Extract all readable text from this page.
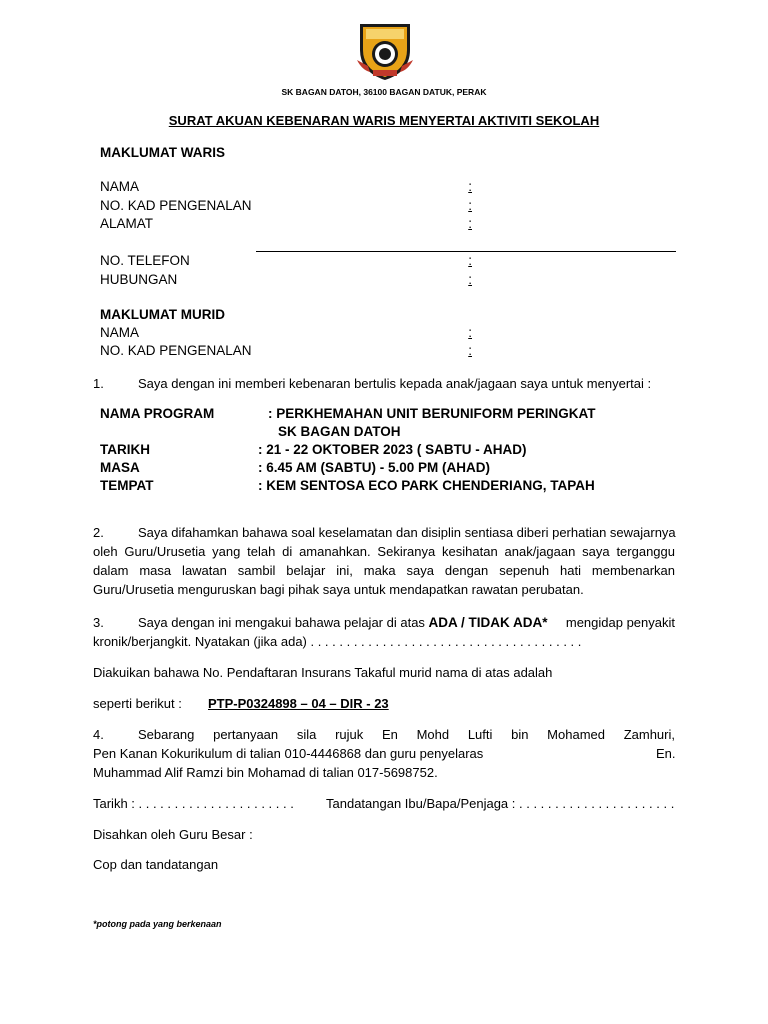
SK BAGAN DATOH, 36100 BAGAN DATUK, PERAK
SURAT AKUAN KEBENARAN WARIS MENYERTAI AKTIVITI SEKOLAH
MAKLUMAT WARIS
NAMA	:
NO. KAD PENGENALAN	:
ALAMAT	:
NO. TELEFON	:
HUBUNGAN	:
MAKLUMAT MURID
NAMA	:
NO. KAD PENGENALAN	:
1.	Saya dengan ini memberi kebenaran bertulis kepada anak/jagaan saya untuk menyertai :
NAMA PROGRAM	: PERKHEMAHAN UNIT BERUNIFORM PERINGKAT
SK BAGAN DATOH
TARIKH	: 21 - 22 OKTOBER 2023 ( SABTU - AHAD)
MASA	: 6.45 AM (SABTU) - 5.00 PM (AHAD)
TEMPAT	: KEM SENTOSA ECO PARK CHENDERIANG, TAPAH
2.	Saya difahamkan bahawa soal keselamatan dan disiplin sentiasa diberi perhatian sewajarnya
oleh Guru/Urusetia yang telah di amanahkan. Sekiranya kesihatan anak/jagaan saya terganggu
dalam masa lawatan sambil belajar ini, maka saya dengan sepenuh hati membenarkan
Guru/Urusetia menguruskan bagi pihak saya untuk mendapatkan rawatan perubatan.
3.	Saya dengan ini mengakui bahawa pelajar di atas ADA / TIDAK ADA* mengidap penyakit
kronik/berjangkit. Nyatakan (jika ada) . . . . . . . . . . . . . . . . . . . . . . . . . . . . . . . . . . . . . .
Diakuikan bahawa No. Pendaftaran Insurans Takaful murid nama di atas adalah
seperti berikut : PTP-P0324898 – 04 – DIR - 23
4.	Sebarang pertanyaan sila rujuk En Mohd Lufti bin Mohamed Zamhuri,
Pen Kanan Kokurikulum di talian 010-4446868 dan guru penyelaras	En.
Muhammad Alif Ramzi bin Mohamad di talian 017-5698752.
Tarikh : . . . . . . . . . . . . . . . . . . . . . . Tandatangan Ibu/Bapa/Penjaga : . . . . . . . . . . . . . . . . . . . . . .
Disahkan oleh Guru Besar :
Cop dan tandatangan
*potong pada yang berkenaan
